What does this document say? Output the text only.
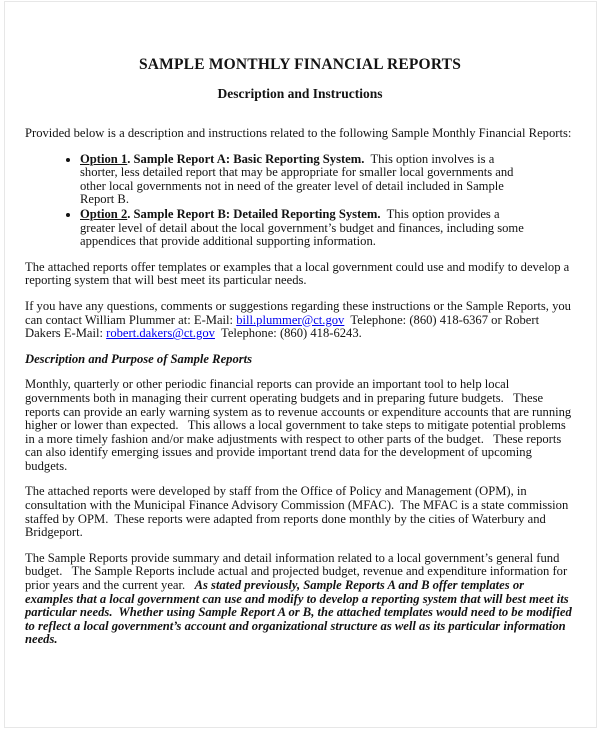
SAMPLE MONTHLY FINANCIAL REPORTS
Description and Instructions

Provided below is a description and instructions related to the following Sample Monthly Financial Reports:

• Option 1. Sample Report A: Basic Reporting System.  This option involves is a shorter, less detailed report that may be appropriate for smaller local governments and other local governments not in need of the greater level of detail included in Sample Report B.
• Option 2. Sample Report B: Detailed Reporting System.  This option provides a greater level of detail about the local government’s budget and finances, including some appendices that provide additional supporting information.

The attached reports offer templates or examples that a local government could use and modify to develop a reporting system that will best meet its particular needs.

If you have any questions, comments or suggestions regarding these instructions or the Sample Reports, you can contact William Plummer at: E-Mail: bill.plummer@ct.gov  Telephone: (860) 418-6367 or Robert Dakers E-Mail: robert.dakers@ct.gov  Telephone: (860) 418-6243.

Description and Purpose of Sample Reports

Monthly, quarterly or other periodic financial reports can provide an important tool to help local governments both in managing their current operating budgets and in preparing future budgets.   These reports can provide an early warning system as to revenue accounts or expenditure accounts that are running higher or lower than expected.   This allows a local government to take steps to mitigate potential problems in a more timely fashion and/or make adjustments with respect to other parts of the budget.   These reports can also identify emerging issues and provide important trend data for the development of upcoming budgets.

The attached reports were developed by staff from the Office of Policy and Management (OPM), in consultation with the Municipal Finance Advisory Commission (MFAC).  The MFAC is a state commission staffed by OPM.  These reports were adapted from reports done monthly by the cities of Waterbury and Bridgeport.

The Sample Reports provide summary and detail information related to a local government’s general fund budget.   The Sample Reports include actual and projected budget, revenue and expenditure information for prior years and the current year.   As stated previously, Sample Reports A and B offer templates or examples that a local government can use and modify to develop a reporting system that will best meet its particular needs.  Whether using Sample Report A or B, the attached templates would need to be modified to reflect a local government’s account and organizational structure as well as its particular information needs.
